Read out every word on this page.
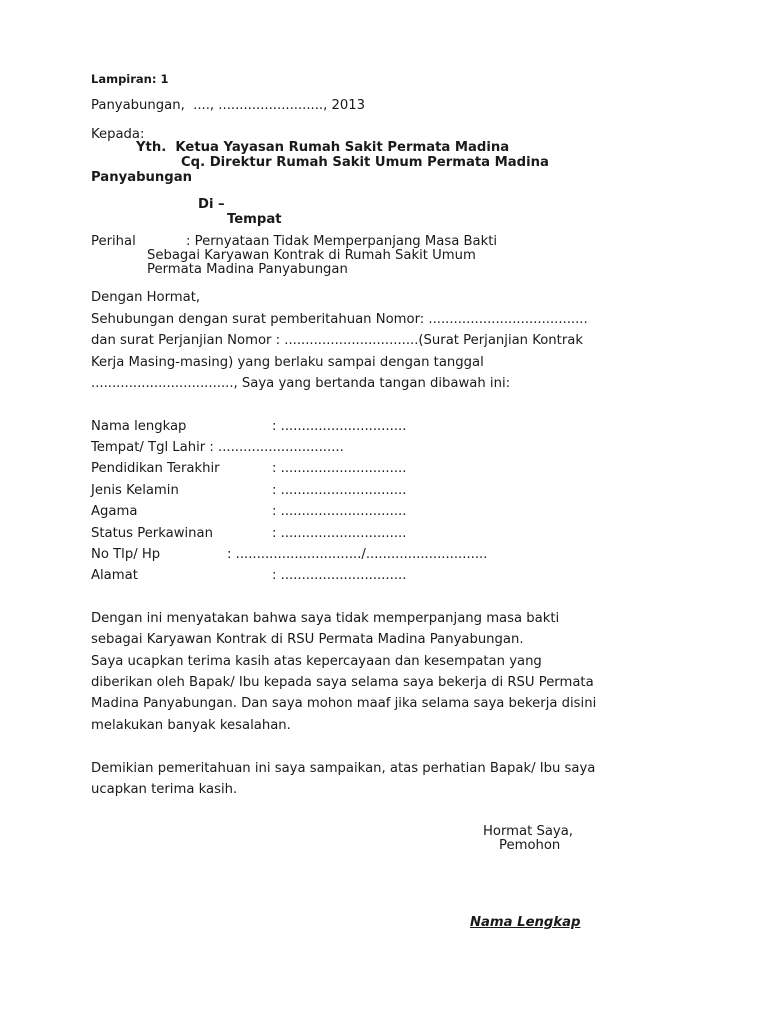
Lampiran: 1
Panyabungan,  ...., ........................., 2013
Kepada:
Yth.  Ketua Yayasan Rumah Sakit Permata Madina
Cq. Direktur Rumah Sakit Umum Permata Madina
Panyabungan
Di –
Tempat
Perihal	: Pernyataan Tidak Memperpanjang Masa Bakti
Sebagai Karyawan Kontrak di Rumah Sakit Umum
Permata Madina Panyabungan
Dengan Hormat,
Sehubungan dengan surat pemberitahuan Nomor: ......................................
dan surat Perjanjian Nomor : ................................(Surat Perjanjian Kontrak
Kerja Masing-masing) yang berlaku sampai dengan tanggal
.................................., Saya yang bertanda tangan dibawah ini:
Nama lengkap	: ..............................
Tempat/ Tgl Lahir : ..............................
Pendidikan Terakhir	: ..............................
Jenis Kelamin	: ..............................
Agama	: ..............................
Status Perkawinan	: ..............................
No Tlp/ Hp	: ............................../.............................
Alamat	: ..............................
Dengan ini menyatakan bahwa saya tidak memperpanjang masa bakti
sebagai Karyawan Kontrak di RSU Permata Madina Panyabungan.
Saya ucapkan terima kasih atas kepercayaan dan kesempatan yang
diberikan oleh Bapak/ Ibu kepada saya selama saya bekerja di RSU Permata
Madina Panyabungan. Dan saya mohon maaf jika selama saya bekerja disini
melakukan banyak kesalahan.
Demikian pemeritahuan ini saya sampaikan, atas perhatian Bapak/ Ibu saya
ucapkan terima kasih.
Hormat Saya,
Pemohon
Nama Lengkap
